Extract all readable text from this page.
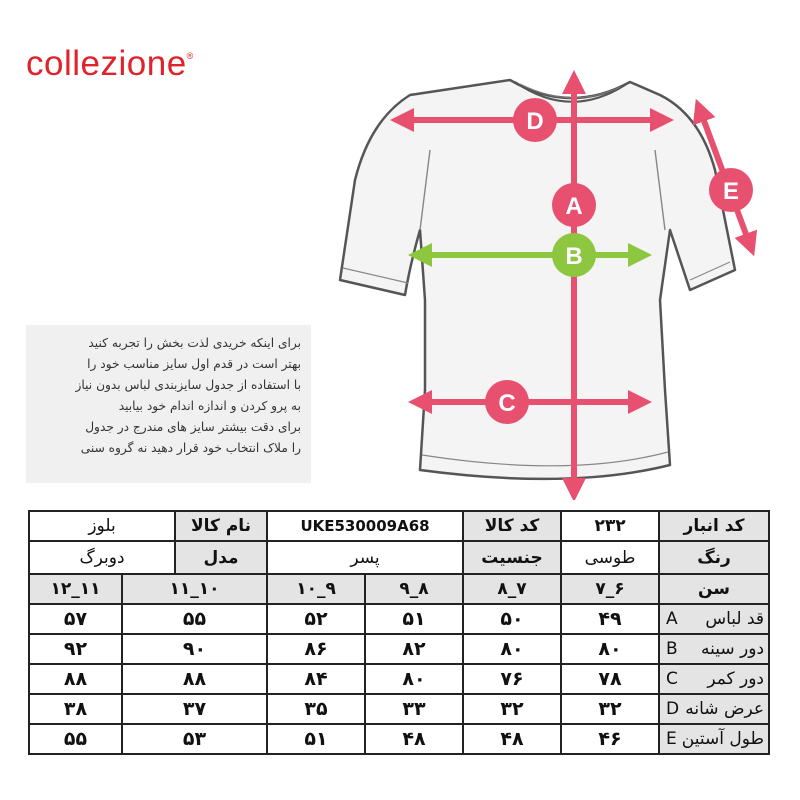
collezione®
D
A
B
C
E

برای اینکه خریدی لذت بخش را تجربه کنید

بهتر است در قدم اول سایز مناسب خود را

با استفاده از جدول سایزبندی لباس بدون نیاز

به پرو کردن و اندازه اندام خود بیابید

برای دقت بیشتر سایز های مندرج در جدول

را ملاک انتخاب خود قرار دهید نه گروه سنی

بلوز		نام کالا	UKE530009A68		کد کالا	۲۳۲	کد انبار
دوبرگ		مدل	پسر		جنسیت	طوسی	رنگ
۱۱_۱۲	۱۰_۱۱		۹_۱۰	۸_۹	۷_۸	۶_۷	سن
۵۷	۵۵		۵۲	۵۱	۵۰	۴۹	قد لباس
A

۹۲	۹۰		۸۶	۸۲	۸۰	۸۰	دور سینه
B

۸۸	۸۸		۸۴	۸۰	۷۶	۷۸	دور کمر
C

۳۸	۳۷		۳۵	۳۳	۳۲	۳۲	عرض شانه
D

۵۵	۵۳		۵۱	۴۸	۴۸	۴۶	طول آستین
E
